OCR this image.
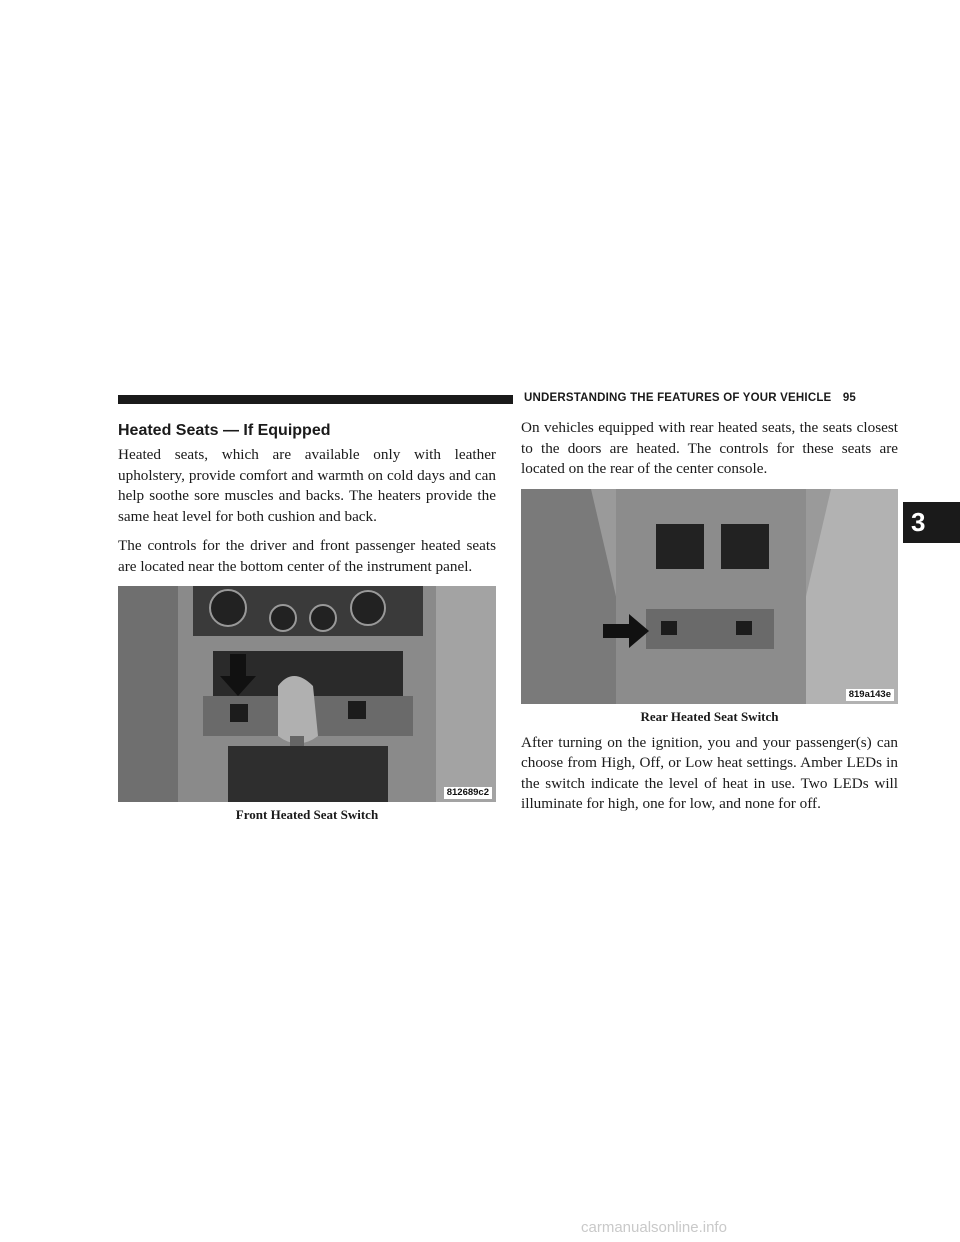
UNDERSTANDING THE FEATURES OF YOUR VEHICLE 95
3
Heated Seats — If Equipped

Heated seats, which are available only with leather upholstery, provide comfort and warmth on cold days and can help soothe sore muscles and backs. The heaters provide the same heat level for both cushion and back.

The controls for the driver and front passenger heated seats are located near the bottom center of the instrument panel.

812689c2
Front Heated Seat Switch

On vehicles equipped with rear heated seats, the seats closest to the doors are heated. The controls for these seats are located on the rear of the center console.

819a143e
Rear Heated Seat Switch

After turning on the ignition, you and your passenger(s) can choose from High, Off, or Low heat settings. Amber LEDs in the switch indicate the level of heat in use. Two LEDs will illuminate for high, one for low, and none for off.

carmanualsonline.info
